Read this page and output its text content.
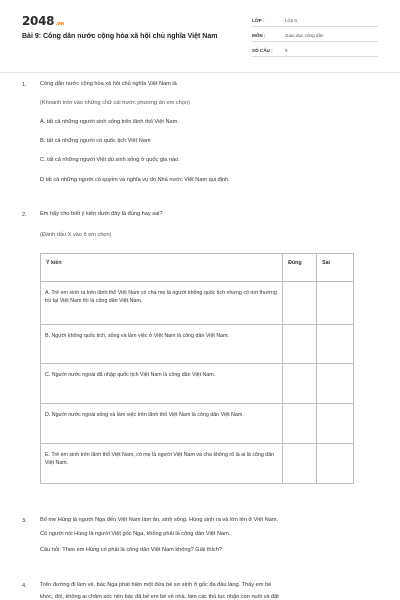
2048.vn
Bài 9: Công dân nước cộng hòa xã hội chủ nghĩa Việt Nam
LỚP :	Lớp 6
MÔN :	Giáo dục công dân
SỐ CÂU :	5
1. Công dân nước cộng hòa xã hội chủ nghĩa Việt Nam là
(Khoanh tròn vào những chữ cái trước phương án em chọn)
A. tất cả những người sinh sống trên lãnh thổ Việt Nam.
B. tất cả những người có quốc tịch Việt Nam
C. tất cả những người Việt dù sinh sống ở quốc gia nào.
D tất cả những người có quyền và nghĩa vụ do Nhà nước Việt Nam qui định.
2. Em hãy cho biết ý kiến dưới đây là đúng hay sai?
(Đánh dấu X vào ô em chọn)
Ý kiến	Đúng	Sai
A. Trẻ em sinh ra trên lãnh thổ Việt Nam có cha mẹ là người không quốc tịch nhưng có nơi thường trú tại Việt Nam thì là công dân Việt Nam.		
B. Người không quốc tịch, sống và làm việc ở Việt Nam là công dân Việt Nam.		
C. Người nước ngoài đã nhập quốc tịch Việt Nam là công dân Việt Nam.		
D. Người nước ngoài sống và làm việc trên lãnh thổ Việt Nam là công dân Việt Nam.		
E. Trẻ em sinh trên lãnh thổ Việt Nam, có mẹ là người Việt Nam và cha không rõ là ai là công dân Việt Nam.		
3. Bố mẹ Hùng là người Nga đến Việt Nam làm ăn, sinh sống. Hùng sinh ra và lớn lên ở Việt Nam.
Có người nói Hùng là người Việt gốc Nga, không phải là công dân Việt Nam.
Câu hỏi: Theo em Hùng có phải là công dân Việt Nam không? Giải thích?
4. Trên đường đi làm về, bác Nga phát hiện một đứa bé sơ sinh ở gốc đa đầu làng. Thấy em bé
khóc, đói, không ai chăm sóc nên bác đã bế em bé về nhà, làm các thủ tục nhận con nuôi và đặt
